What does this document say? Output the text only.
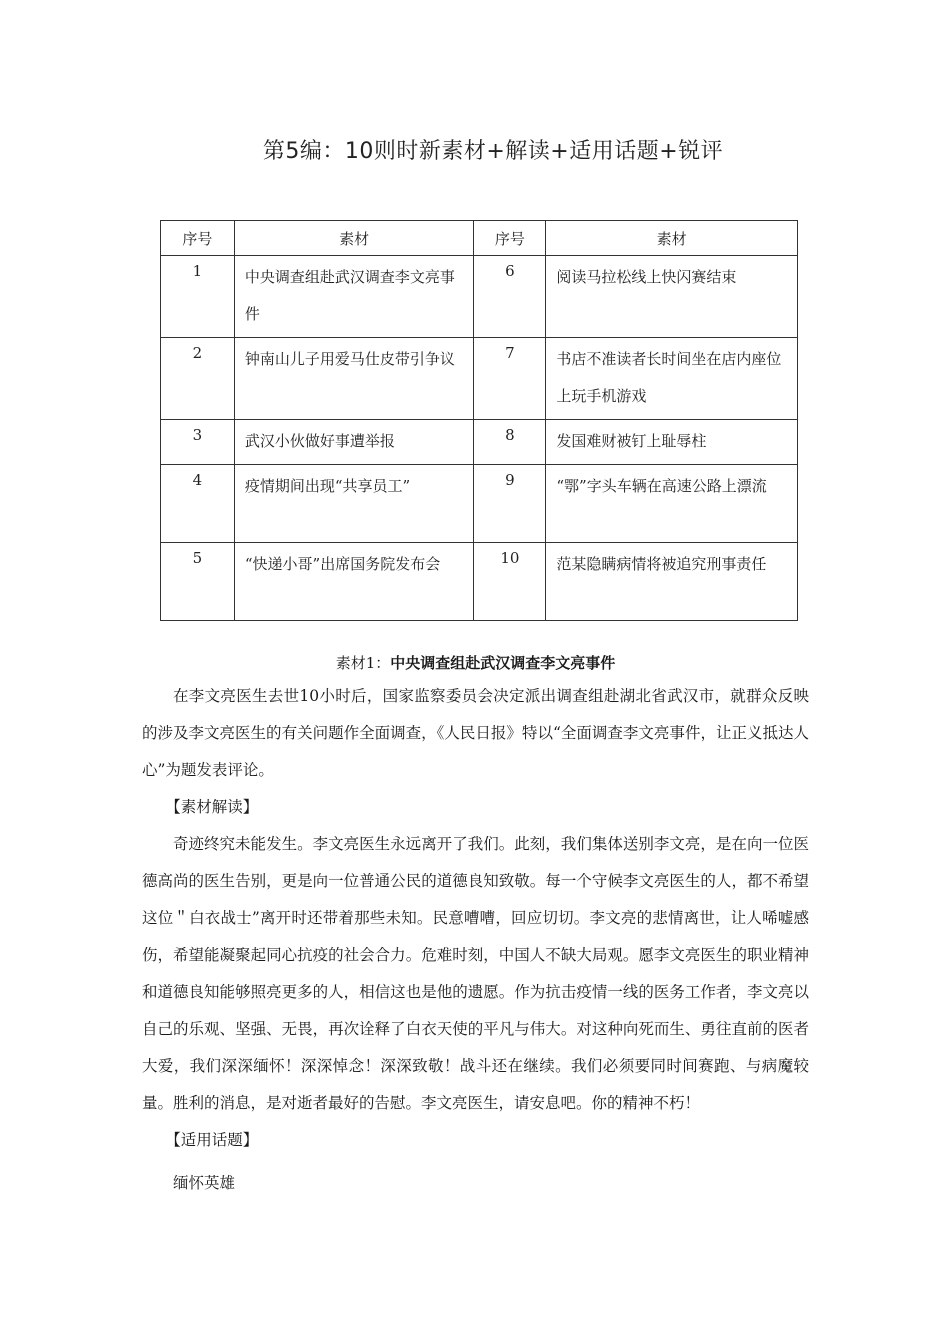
第5编：10则时新素材+解读+适用话题+锐评
序号	素材	序号	素材
1	中央调查组赴武汉调查李文亮事件	6	阅读马拉松线上快闪赛结束
2	钟南山儿子用爱马仕皮带引争议	7	书店不准读者长时间坐在店内座位上玩手机游戏
3	武汉小伙做好事遭举报	8	发国难财被钉上耻辱柱
4	疫情期间出现“共享员工”	9	“鄂”字头车辆在高速公路上漂流
5	“快递小哥”出席国务院发布会	10	范某隐瞒病情将被追究刑事责任
素材1：中央调查组赴武汉调查李文亮事件

在李文亮医生去世10小时后，国家监察委员会决定派出调查组赴湖北省武汉市，就群众反映的涉及李文亮医生的有关问题作全面调查，《人民日报》特以“全面调查李文亮事件，让正义抵达人心”为题发表评论。

【素材解读】

奇迹终究未能发生。李文亮医生永远离开了我们。此刻，我们集体送别李文亮，是在向一位医德高尚的医生告别，更是向一位普通公民的道德良知致敬。每一个守候李文亮医生的人，都不希望这位＂白衣战士”离开时还带着那些未知。民意嘈嘈，回应切切。李文亮的悲情离世，让人唏嘘感伤，希望能凝聚起同心抗疫的社会合力。危难时刻，中国人不缺大局观。愿李文亮医生的职业精神和道德良知能够照亮更多的人，相信这也是他的遗愿。作为抗击疫情一线的医务工作者，李文亮以自己的乐观、坚强、无畏，再次诠释了白衣天使的平凡与伟大。对这种向死而生、勇往直前的医者大爱，我们深深缅怀！深深悼念！深深致敬！战斗还在继续。我们必须要同时间赛跑、与病魔较量。胜利的消息，是对逝者最好的告慰。李文亮医生，请安息吧。你的精神不朽！

【适用话题】

缅怀英雄
